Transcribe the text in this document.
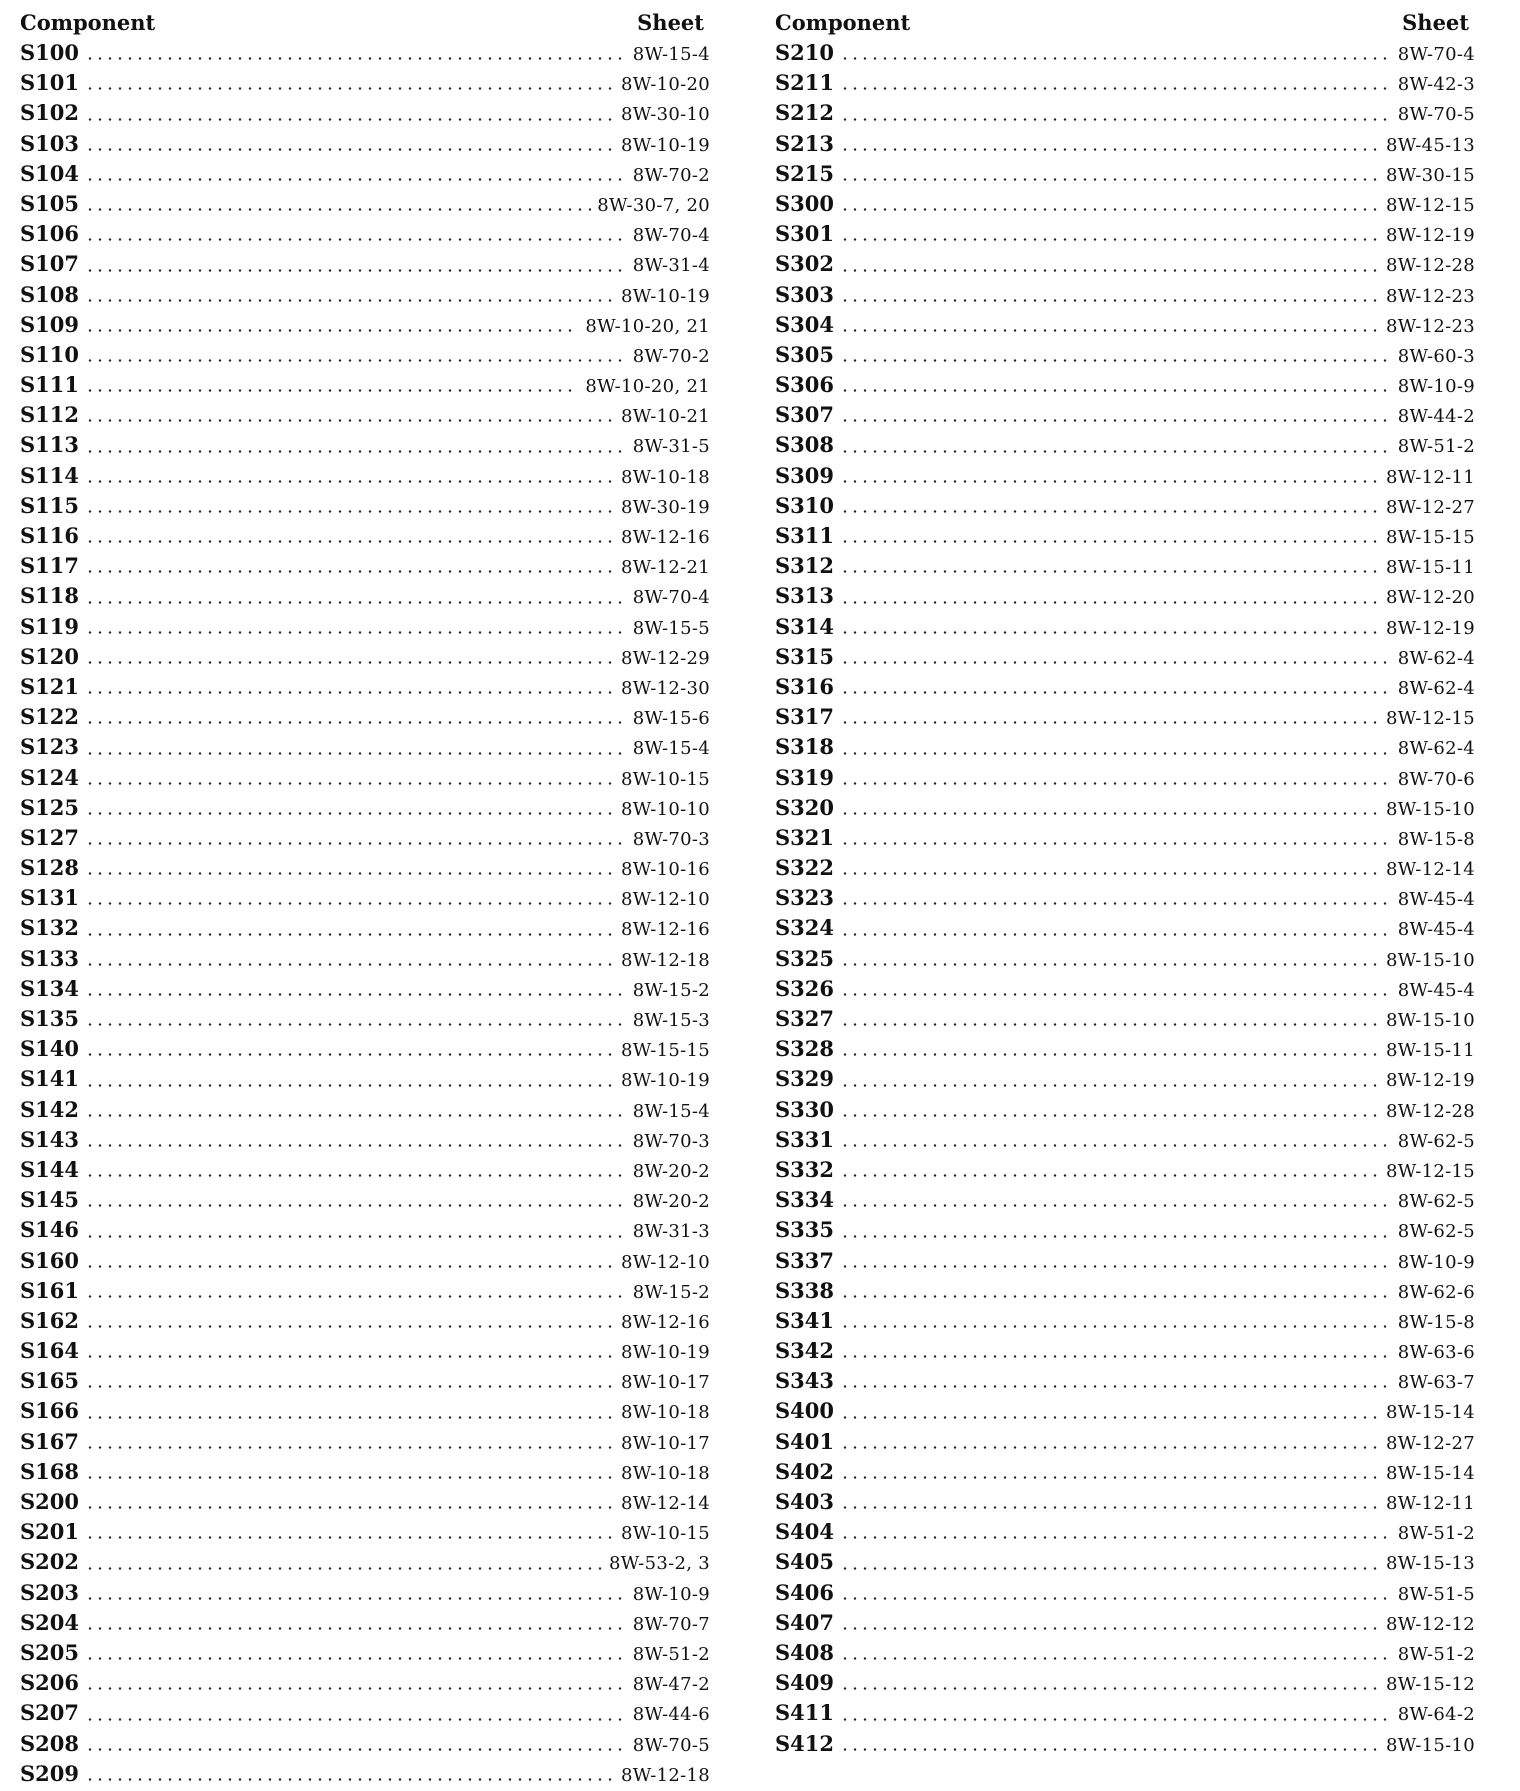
Component	Sheet
S100	8W-15-4
S101	8W-10-20
S102	8W-30-10
S103	8W-10-19
S104	8W-70-2
S105	8W-30-7, 20
S106	8W-70-4
S107	8W-31-4
S108	8W-10-19
S109	8W-10-20, 21
S110	8W-70-2
S111	8W-10-20, 21
S112	8W-10-21
S113	8W-31-5
S114	8W-10-18
S115	8W-30-19
S116	8W-12-16
S117	8W-12-21
S118	8W-70-4
S119	8W-15-5
S120	8W-12-29
S121	8W-12-30
S122	8W-15-6
S123	8W-15-4
S124	8W-10-15
S125	8W-10-10
S127	8W-70-3
S128	8W-10-16
S131	8W-12-10
S132	8W-12-16
S133	8W-12-18
S134	8W-15-2
S135	8W-15-3
S140	8W-15-15
S141	8W-10-19
S142	8W-15-4
S143	8W-70-3
S144	8W-20-2
S145	8W-20-2
S146	8W-31-3
S160	8W-12-10
S161	8W-15-2
S162	8W-12-16
S164	8W-10-19
S165	8W-10-17
S166	8W-10-18
S167	8W-10-17
S168	8W-10-18
S200	8W-12-14
S201	8W-10-15
S202	8W-53-2, 3
S203	8W-10-9
S204	8W-70-7
S205	8W-51-2
S206	8W-47-2
S207	8W-44-6
S208	8W-70-5
S209	8W-12-18
Component	Sheet
S210	8W-70-4
S211	8W-42-3
S212	8W-70-5
S213	8W-45-13
S215	8W-30-15
S300	8W-12-15
S301	8W-12-19
S302	8W-12-28
S303	8W-12-23
S304	8W-12-23
S305	8W-60-3
S306	8W-10-9
S307	8W-44-2
S308	8W-51-2
S309	8W-12-11
S310	8W-12-27
S311	8W-15-15
S312	8W-15-11
S313	8W-12-20
S314	8W-12-19
S315	8W-62-4
S316	8W-62-4
S317	8W-12-15
S318	8W-62-4
S319	8W-70-6
S320	8W-15-10
S321	8W-15-8
S322	8W-12-14
S323	8W-45-4
S324	8W-45-4
S325	8W-15-10
S326	8W-45-4
S327	8W-15-10
S328	8W-15-11
S329	8W-12-19
S330	8W-12-28
S331	8W-62-5
S332	8W-12-15
S334	8W-62-5
S335	8W-62-5
S337	8W-10-9
S338	8W-62-6
S341	8W-15-8
S342	8W-63-6
S343	8W-63-7
S400	8W-15-14
S401	8W-12-27
S402	8W-15-14
S403	8W-12-11
S404	8W-51-2
S405	8W-15-13
S406	8W-51-5
S407	8W-12-12
S408	8W-51-2
S409	8W-15-12
S411	8W-64-2
S412	8W-15-10
